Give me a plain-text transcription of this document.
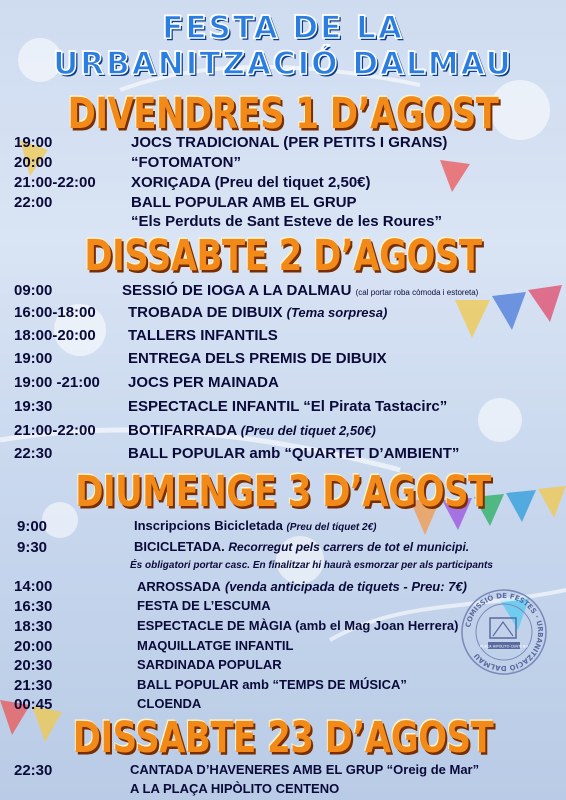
FESTA DE LA
URBANITZACIÓ DALMAU
DIVENDRES 1 D’AGOST
19:00	JOCS TRADICIONAL (PER PETITS I GRANS)
20:00	“FOTOMATON”
21:00-22:00 XORIÇADA (Preu del tiquet 2,50€)
22:00	BALL POPULAR AMB EL GRUP
“Els Perduts de Sant Esteve de les Roures”
DISSABTE 2 D’AGOST
09:00	SESSIÓ DE IOGA A LA DALMAU (cal portar roba còmoda i estoreta)
16:00-18:00 TROBADA DE DIBUIX (Tema sorpresa)
18:00-20:00 TALLERS INFANTILS
19:00	ENTREGA DELS PREMIS DE DIBUIX
19:00 -21:00 JOCS PER MAINADA
19:30	ESPECTACLE INFANTIL “El Pirata Tastacirc”
21:00-22:00 BOTIFARRADA (Preu del tiquet 2,50€)
22:30	BALL POPULAR amb “QUARTET D’AMBIENT”
DIUMENGE 3 D’AGOST
9:00	Inscripcions Bicicletada (Preu del tiquet 2€)
9:30	BICICLETADA. Recorregut pels carrers de tot el municipi.
És obligatori portar casc. En finalitzar hi haurà esmorzar per als participants
14:00	ARROSSADA (venda anticipada de tiquets - Preu: 7€)
16:30	FESTA DE L’ESCUMA
18:30	ESPECTACLE DE MÀGIA (amb el Mag Joan Herrera)
20:00	MAQUILLATGE INFANTIL
20:30	SARDINADA POPULAR
21:30	BALL POPULAR amb “TEMPS DE MÚSICA”
00:45	CLOENDA
COMISSIÓ DE FESTES · URBANITZACIÓ DALMAU
PLAÇA HIPÒLITO CENTENO
DISSABTE 23 D’AGOST
22:30	CANTADA D’HAVENERES AMB EL GRUP “Oreig de Mar”
A LA PLAÇA HIPÒLITO CENTENO
